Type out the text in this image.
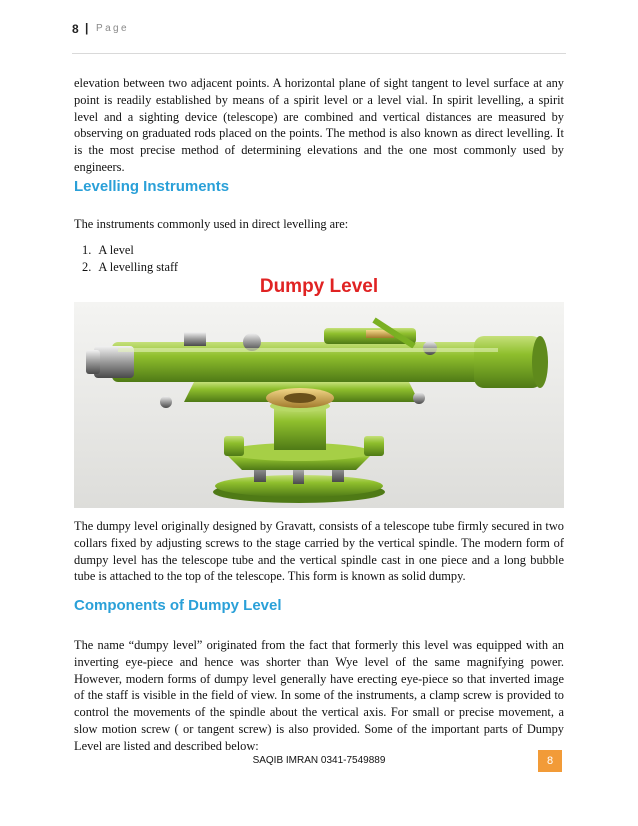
8 | Page

elevation between two adjacent points. A horizontal plane of sight tangent to level surface at any point is readily established by means of a spirit level or a level vial. In spirit levelling, a spirit level and a sighting device (telescope) are combined and vertical distances are measured by observing on graduated rods placed on the points. The method is also known as direct levelling. It is the most precise method of determining elevations and the one most commonly used by engineers.

Levelling Instruments

The instruments commonly used in direct levelling are:

1. A level
2. A levelling staff
Dumpy Level

The dumpy level originally designed by Gravatt, consists of a telescope tube firmly secured in two collars fixed by adjusting screws to the stage carried by the vertical spindle. The modern form of dumpy level has the telescope tube and the vertical spindle cast in one piece and a long bubble tube is attached to the top of the telescope. This form is known as solid dumpy.

Components of Dumpy Level

The name “dumpy level” originated from the fact that formerly this level was equipped with an inverting eye-piece and hence was shorter than Wye level of the same magnifying power. However, modern forms of dumpy level generally have erecting eye-piece so that inverted image of the staff is visible in the field of view. In some of the instruments, a clamp screw is provided to control the movements of the spindle about the vertical axis. For small or precise movement, a slow motion screw ( or tangent screw) is also provided. Some of the important parts of Dumpy Level are listed and described below:

SAQIB IMRAN 0341-7549889	8
